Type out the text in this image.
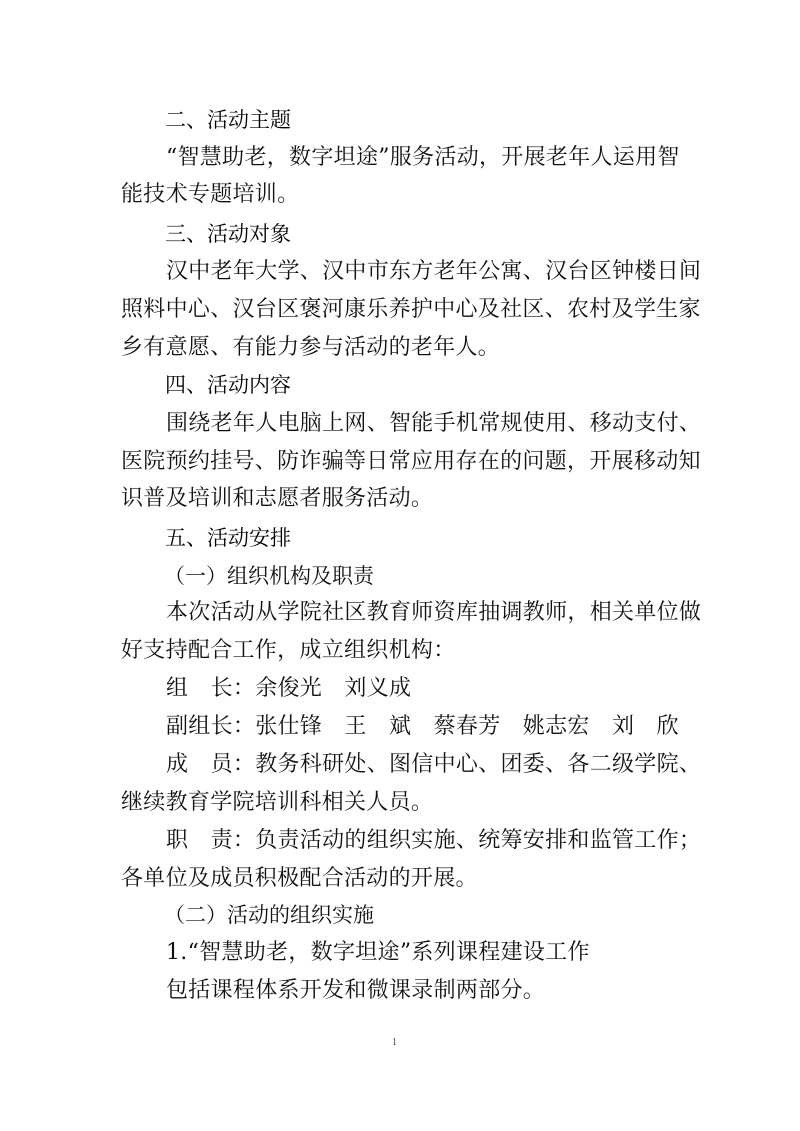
二、活动主题
“智慧助老，数字坦途”服务活动，开展老年人运用智
能技术专题培训。
三、活动对象
汉中老年大学、汉中市东方老年公寓、汉台区钟楼日间
照料中心、汉台区褒河康乐养护中心及社区、农村及学生家
乡有意愿、有能力参与活动的老年人。
四、活动内容
围绕老年人电脑上网、智能手机常规使用、移动支付、
医院预约挂号、防诈骗等日常应用存在的问题，开展移动知
识普及培训和志愿者服务活动。
五、活动安排
（一）组织机构及职责
本次活动从学院社区教育师资库抽调教师，相关单位做
好支持配合工作，成立组织机构：
组　长：余俊光　刘义成
副组长：张仕锋　王　斌　蔡春芳　姚志宏　刘　欣
成　员：教务科研处、图信中心、团委、各二级学院、
继续教育学院培训科相关人员。
职　责：负责活动的组织实施、统筹安排和监管工作；
各单位及成员积极配合活动的开展。
（二）活动的组织实施
1.“智慧助老，数字坦途”系列课程建设工作
包括课程体系开发和微课录制两部分。
1
